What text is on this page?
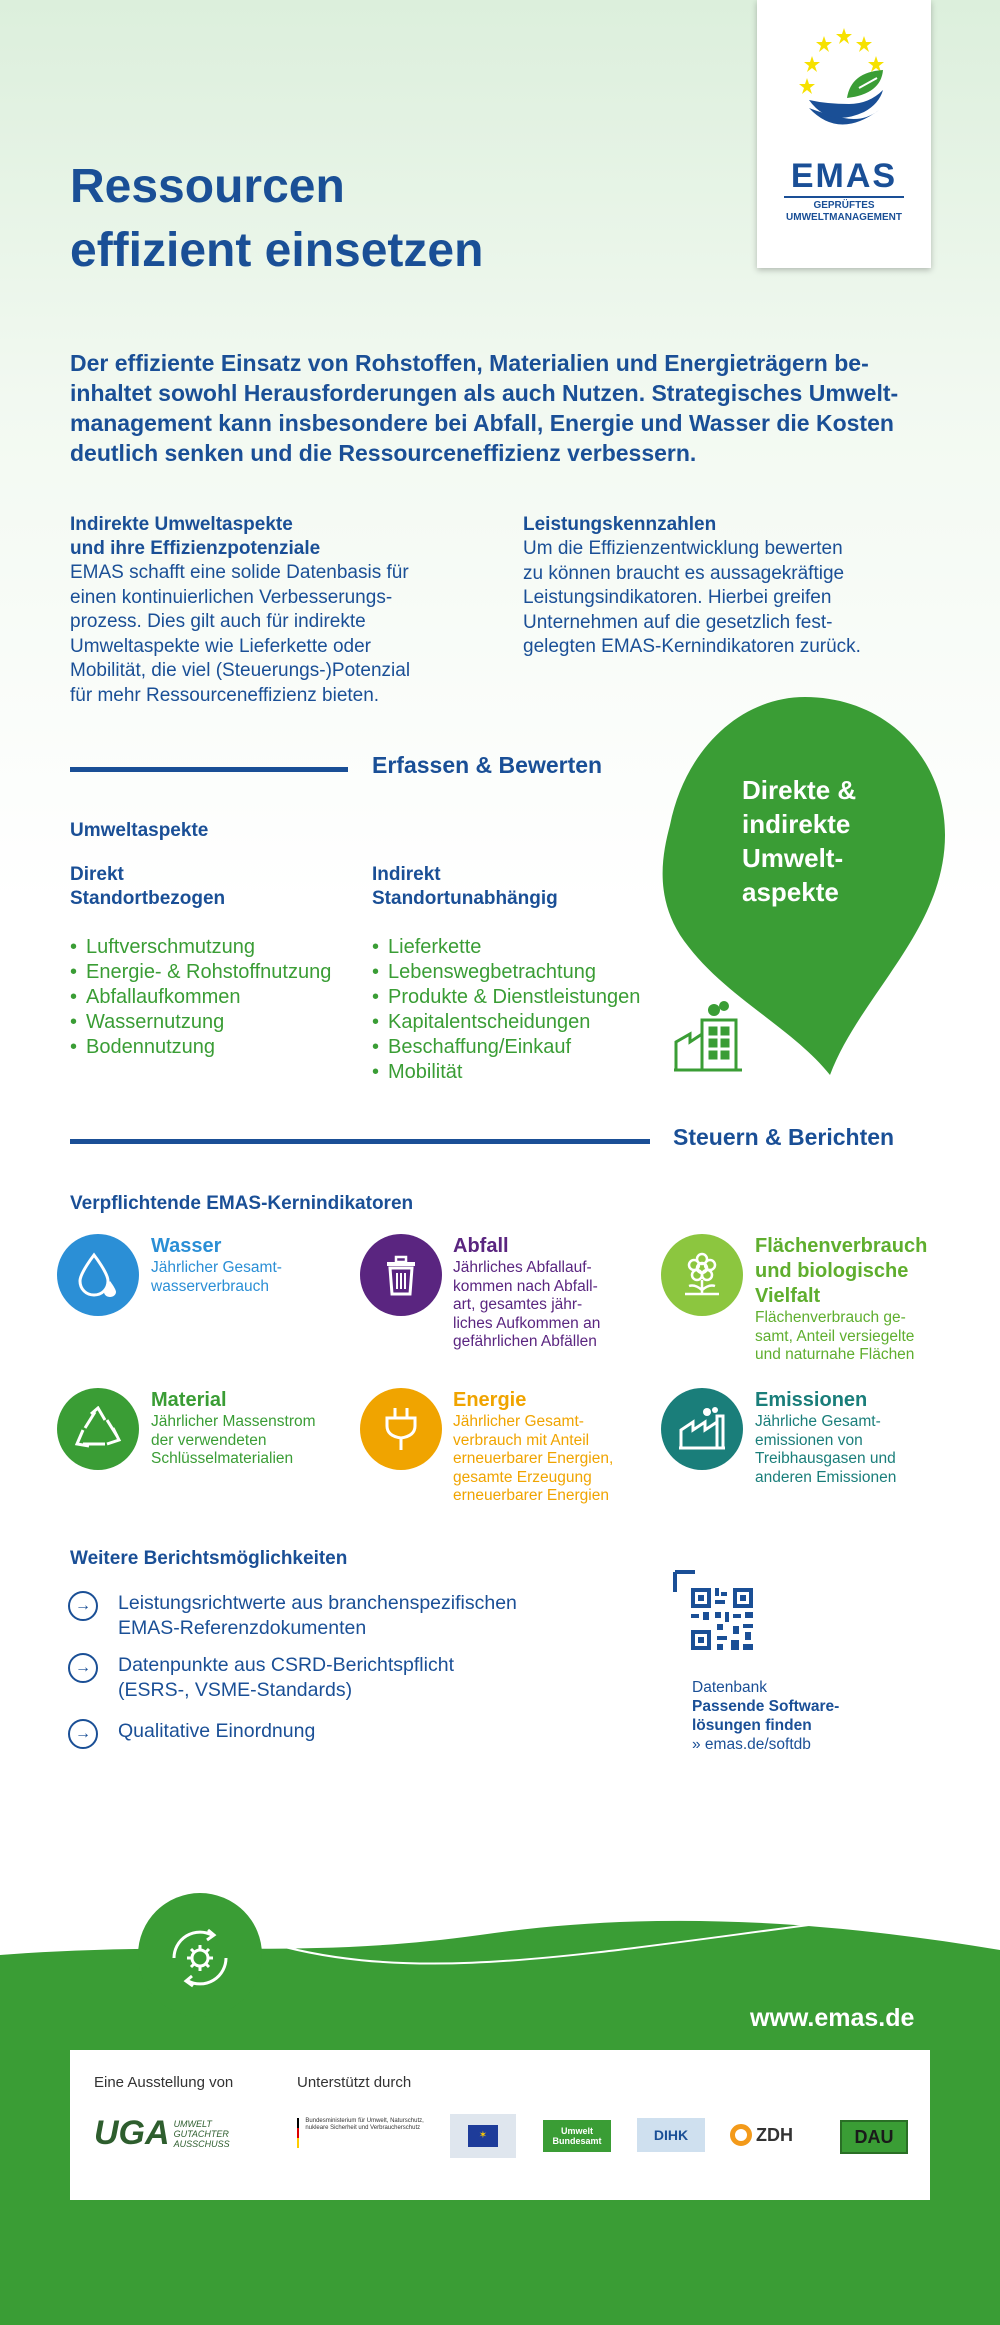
EMAS
GEPRÜFTES
UMWELTMANAGEMENT
Ressourcen
effizient einsetzen
Der effiziente Einsatz von Rohstoffen, Materialien und Energieträgern be-inhaltet sowohl Herausforderungen als auch Nutzen. Strategisches Umwelt-management kann insbesondere bei Abfall, Energie und Wasser die Kosten deutlich senken und die Ressourceneffizienz verbessern.
Indirekte Umweltaspekte
und ihre Effizienzpotenziale
EMAS schafft eine solide Datenbasis für
einen kontinuierlichen Verbesserungs-
prozess. Dies gilt auch für indirekte
Umweltaspekte wie Lieferkette oder
Mobilität, die viel (Steuerungs-)Potenzial
für mehr Ressourceneffizienz bieten.
Leistungskennzahlen
Um die Effizienzentwicklung bewerten
zu können braucht es aussagekräftige
Leistungsindikatoren. Hierbei greifen
Unternehmen auf die gesetzlich fest-
gelegten EMAS-Kernindikatoren zurück.
Erfassen & Bewerten
Direkte &
indirekte
Umwelt-
aspekte
Umweltaspekte
Direkt
Standortbezogen
• Luftverschmutzung
• Energie- & Rohstoffnutzung
• Abfallaufkommen
• Wassernutzung
• Bodennutzung
Indirekt
Standortunabhängig
• Lieferkette
• Lebenswegbetrachtung
• Produkte & Dienstleistungen
• Kapitalentscheidungen
• Beschaffung/Einkauf
• Mobilität
Steuern & Berichten
Verpflichtende EMAS-Kernindikatoren
Wasser
Jährlicher Gesamt-
wasserverbrauch
Abfall
Jährliches Abfallauf-
kommen nach Abfall-
art, gesamtes jähr-
liches Aufkommen an
gefährlichen Abfällen
Flächenverbrauch und biologische Vielfalt
Flächenverbrauch ge-
samt, Anteil versiegelte
und naturnahe Flächen
Material
Jährlicher Massenstrom
der verwendeten
Schlüsselmaterialien
Energie
Jährlicher Gesamt-
verbrauch mit Anteil
erneuerbarer Energien,
gesamte Erzeugung
erneuerbarer Energien
Emissionen
Jährliche Gesamt-
emissionen von
Treibhausgasen und
anderen Emissionen
Weitere Berichtsmöglichkeiten
→	Leistungsrichtwerte aus branchenspezifischen
EMAS-Referenzdokumenten
→	Datenpunkte aus CSRD-Berichtspflicht
(ESRS-, VSME-Standards)
→	Qualitative Einordnung
Datenbank
Passende Software-
lösungen finden
» emas.de/softdb
www.emas.de
Eine Ausstellung von	Unterstützt durch
UGA UMWELT
GUTACHTER
AUSSCHUSS
Bundesministerium für Umwelt, Naturschutz, nukleare Sicherheit und Verbraucherschutz
✶	Umwelt Bundesamt	DIHK	ZDH	DAU
